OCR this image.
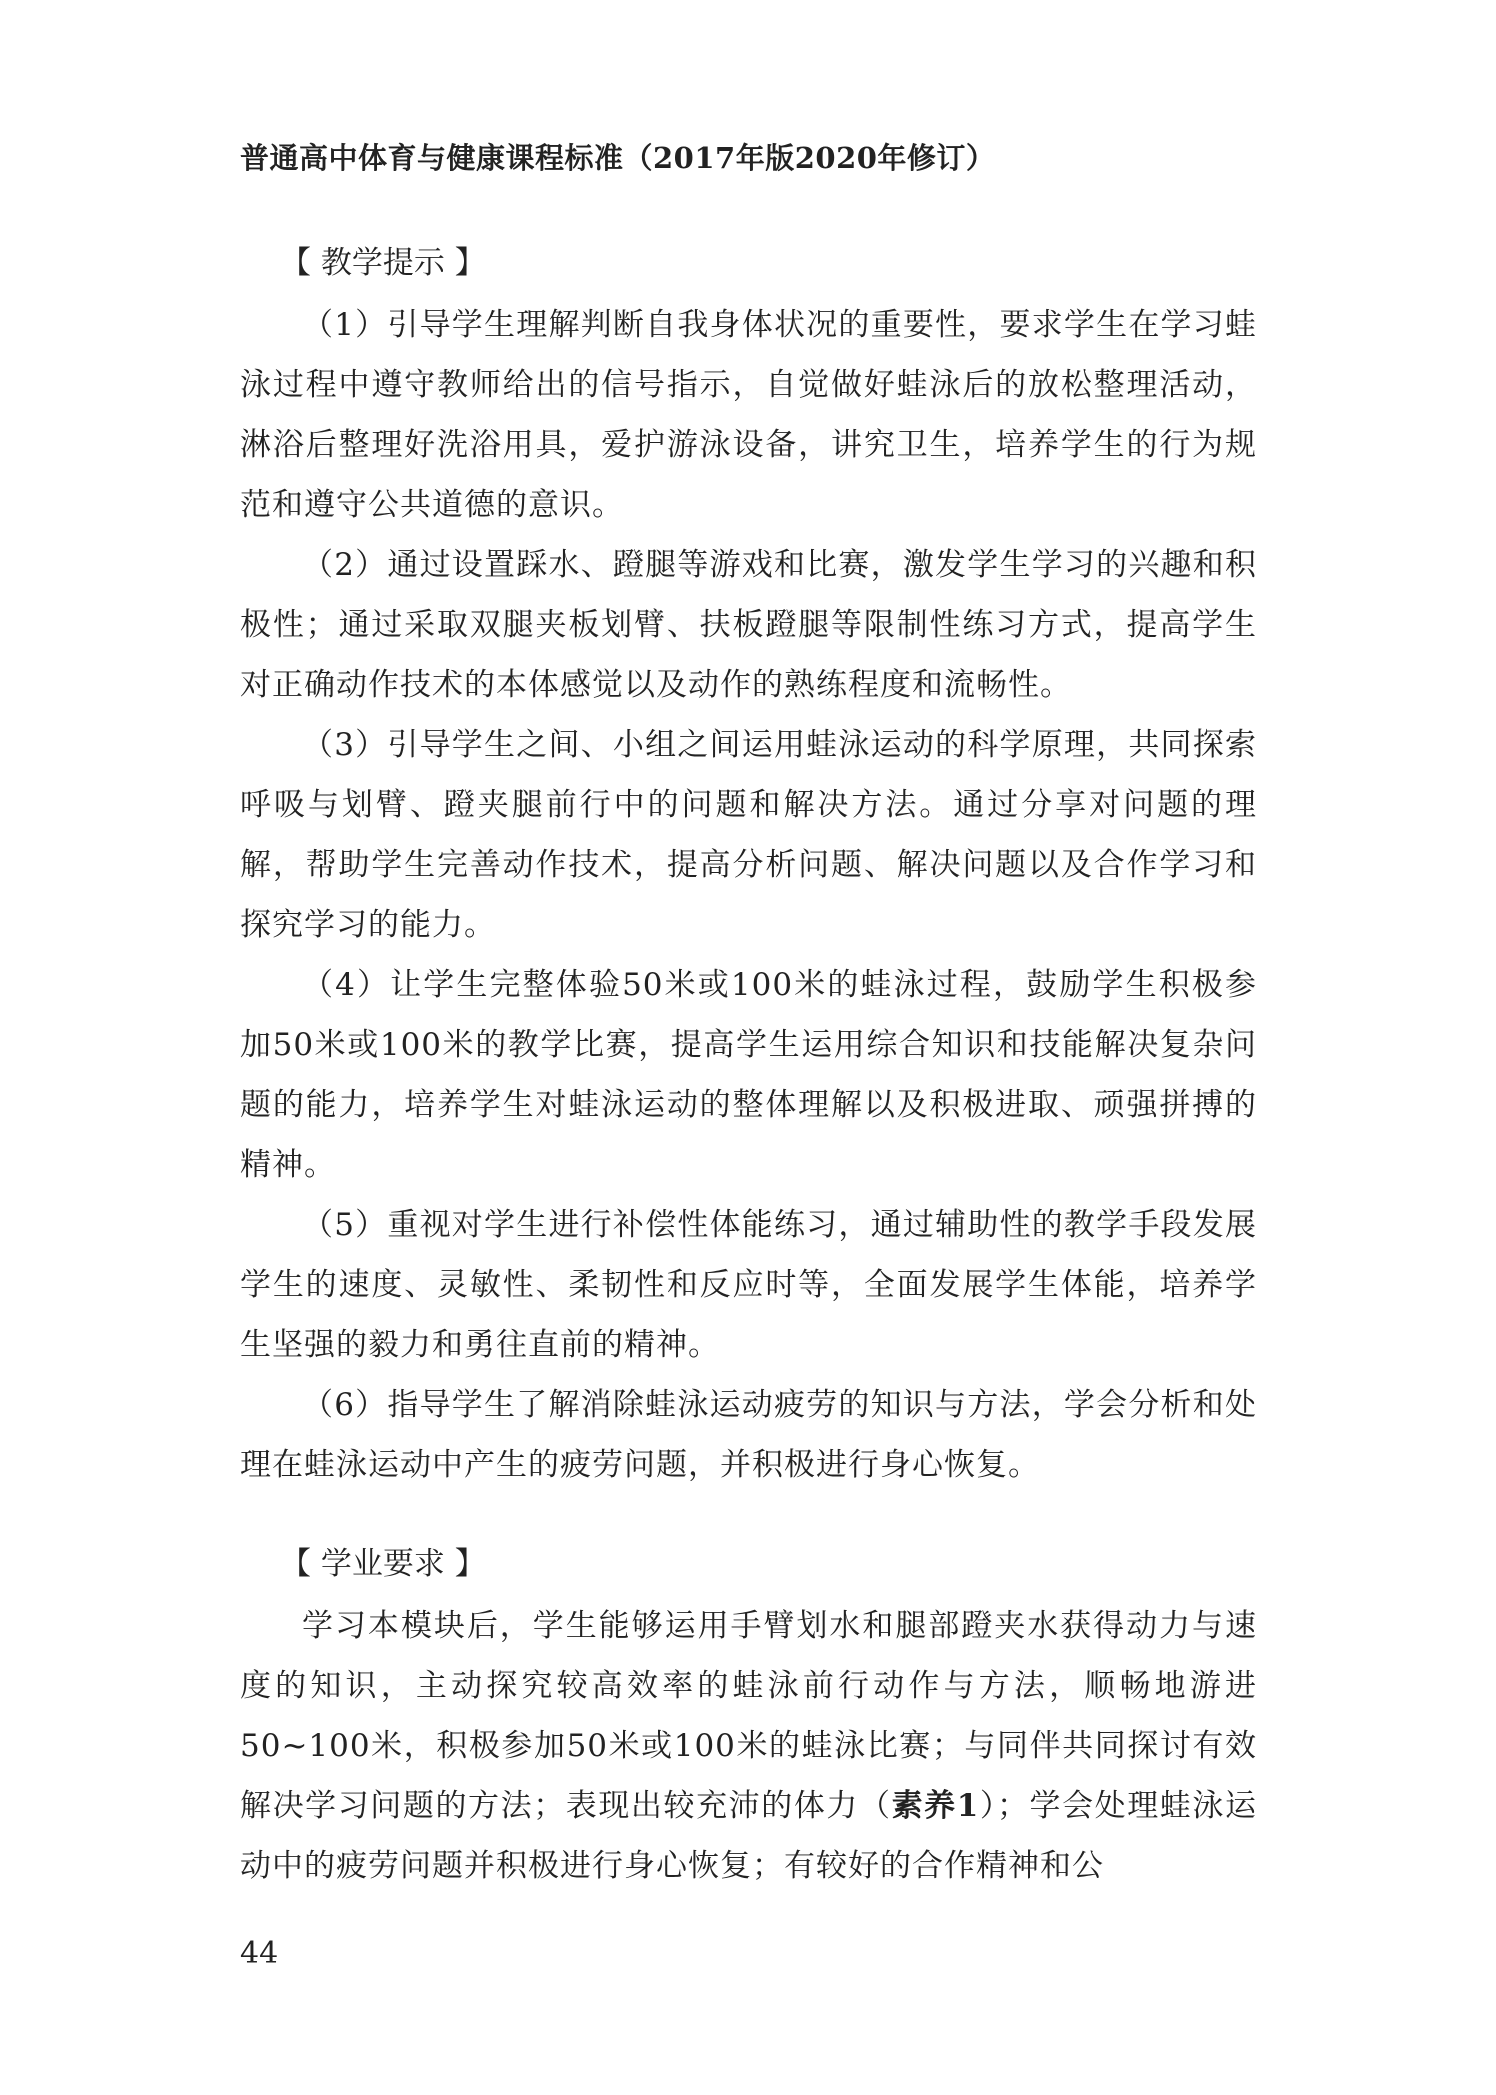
普通高中体育与健康课程标准（2017年版2020年修订）
【 教学提示 】

（1）引导学生理解判断自我身体状况的重要性，要求学生在学习蛙泳过程中遵守教师给出的信号指示，自觉做好蛙泳后的放松整理活动，淋浴后整理好洗浴用具，爱护游泳设备，讲究卫生，培养学生的行为规范和遵守公共道德的意识。

（2）通过设置踩水、蹬腿等游戏和比赛，激发学生学习的兴趣和积极性；通过采取双腿夹板划臂、扶板蹬腿等限制性练习方式，提高学生对正确动作技术的本体感觉以及动作的熟练程度和流畅性。

（3）引导学生之间、小组之间运用蛙泳运动的科学原理，共同探索呼吸与划臂、蹬夹腿前行中的问题和解决方法。通过分享对问题的理解，帮助学生完善动作技术，提高分析问题、解决问题以及合作学习和探究学习的能力。

（4）让学生完整体验50米或100米的蛙泳过程，鼓励学生积极参加50米或100米的教学比赛，提高学生运用综合知识和技能解决复杂问题的能力，培养学生对蛙泳运动的整体理解以及积极进取、顽强拼搏的精神。

（5）重视对学生进行补偿性体能练习，通过辅助性的教学手段发展学生的速度、灵敏性、柔韧性和反应时等，全面发展学生体能，培养学生坚强的毅力和勇往直前的精神。

（6）指导学生了解消除蛙泳运动疲劳的知识与方法，学会分析和处理在蛙泳运动中产生的疲劳问题，并积极进行身心恢复。

【 学业要求 】

学习本模块后，学生能够运用手臂划水和腿部蹬夹水获得动力与速度的知识，主动探究较高效率的蛙泳前行动作与方法，顺畅地游进50~100米，积极参加50米或100米的蛙泳比赛；与同伴共同探讨有效解决学习问题的方法；表现出较充沛的体力（素养1）；学会处理蛙泳运动中的疲劳问题并积极进行身心恢复；有较好的合作精神和公

44
